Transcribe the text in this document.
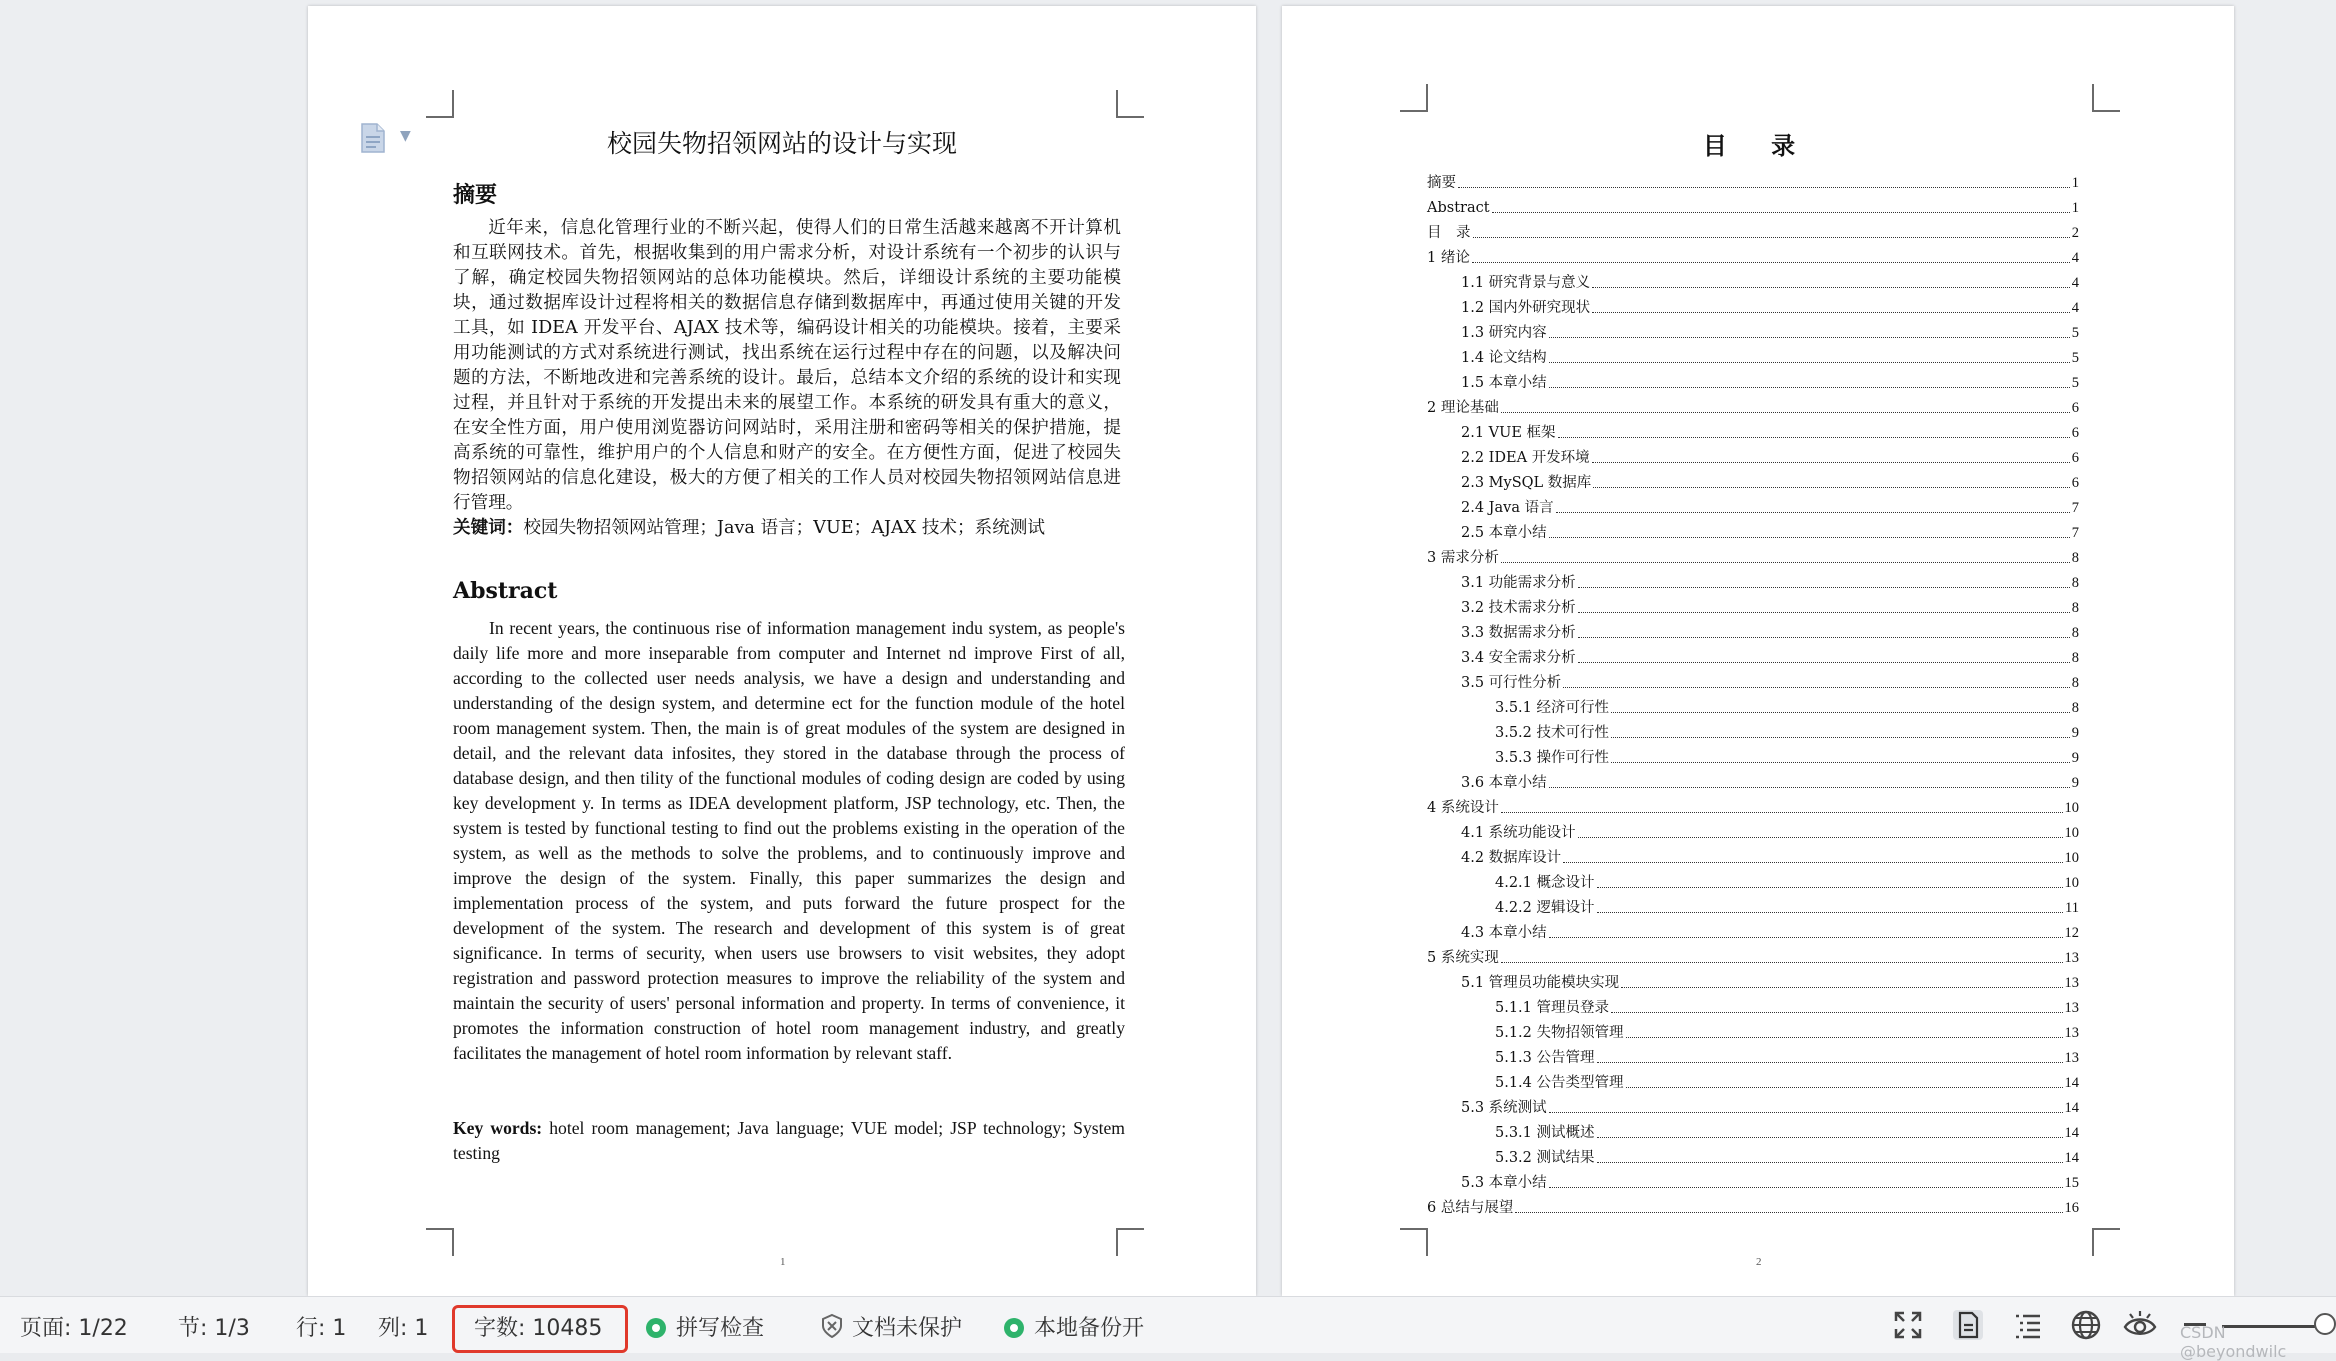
▼	校园失物招领网站的设计与实现
摘要
近年来，信息化管理行业的不断兴起，使得人们的日常生活越来越离不开计算机和互联网技术。首先，根据收集到的用户需求分析，对设计系统有一个初步的认识与了解，确定校园失物招领网站的总体功能模块。然后，详细设计系统的主要功能模块，通过数据库设计过程将相关的数据信息存储到数据库中，再通过使用关键的开发工具，如 IDEA 开发平台、AJAX 技术等，编码设计相关的功能模块。接着，主要采用功能测试的方式对系统进行测试，找出系统在运行过程中存在的问题，以及解决问题的方法，不断地改进和完善系统的设计。最后，总结本文介绍的系统的设计和实现过程，并且针对于系统的开发提出未来的展望工作。本系统的研发具有重大的意义，在安全性方面，用户使用浏览器访问网站时，采用注册和密码等相关的保护措施，提高系统的可靠性，维护用户的个人信息和财产的安全。在方便性方面，促进了校园失物招领网站的信息化建设，极大的方便了相关的工作人员对校园失物招领网站信息进行管理。
关键词：校园失物招领网站管理；Java 语言；VUE；AJAX 技术；系统测试
Abstract
In recent years, the continuous rise of information management indu system, as people's daily life more and more inseparable from computer and Internet nd improve First of all, according to the collected user needs analysis, we have a design and understanding and understanding of the design system, and determine ect for the function module of the hotel room management system. Then, the main is of great modules of the system are designed in detail, and the relevant data infosites, they stored in the database through the process of database design, and then tility of the functional modules of coding design are coded by using key development y. In terms as IDEA development platform, JSP technology, etc. Then, the system is tested by functional testing to find out the problems existing in the operation of the system, as well as the methods to solve the problems, and to continuously improve and improve the design of the system. Finally, this paper summarizes the design and implementation process of the system, and puts forward the future prospect for the development of the system. The research and development of this system is of great significance. In terms of security, when users use browsers to visit websites, they adopt registration and password protection measures to improve the reliability of the system and maintain the security of users' personal information and property. In terms of convenience, it promotes the information construction of hotel room management industry, and greatly facilitates the management of hotel room information by relevant staff.
Key words: hotel room management; Java language; VUE model; JSP technology; System testing
1
目 录
摘要	1
Abstract	1
目　录	2
1 绪论	4
1.1 研究背景与意义	4
1.2 国内外研究现状	4
1.3 研究内容	5
1.4 论文结构	5
1.5 本章小结	5
2 理论基础	6
2.1 VUE 框架	6
2.2 IDEA 开发环境	6
2.3 MySQL 数据库	6
2.4 Java 语言	7
2.5 本章小结	7
3 需求分析	8
3.1 功能需求分析	8
3.2 技术需求分析	8
3.3 数据需求分析	8
3.4 安全需求分析	8
3.5 可行性分析	8
3.5.1 经济可行性	8
3.5.2 技术可行性	9
3.5.3 操作可行性	9
3.6 本章小结	9
4 系统设计	10
4.1 系统功能设计	10
4.2 数据库设计	10
4.2.1 概念设计	10
4.2.2 逻辑设计	11
4.3 本章小结	12
5 系统实现	13
5.1 管理员功能模块实现	13
5.1.1 管理员登录	13
5.1.2 失物招领管理	13
5.1.3 公告管理	13
5.1.4 公告类型管理	14
5.3 系统测试	14
5.3.1 测试概述	14
5.3.2 测试结果	14
5.3 本章小结	15
6 总结与展望	16
2
页面: 1/22 节: 1/3 行: 1 列: 1 字数: 10485	拼写检查	文档未保护	本地备份开	CSDN @beyondwilc
